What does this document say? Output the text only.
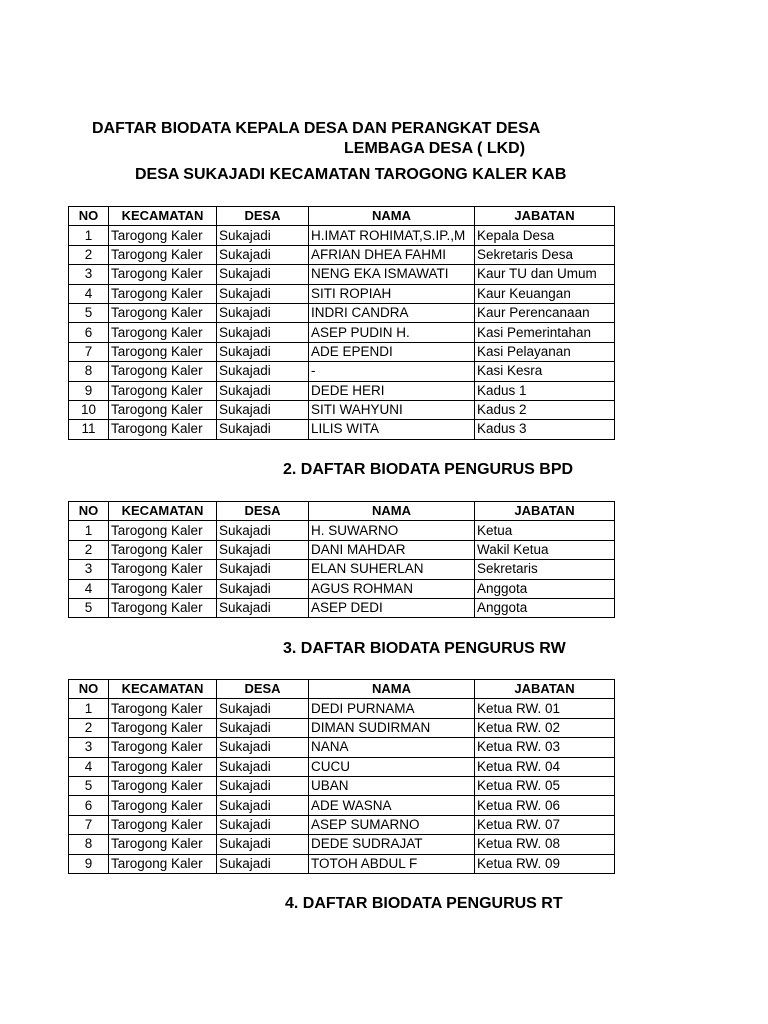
DAFTAR BIODATA KEPALA DESA DAN PERANGKAT DESA
LEMBAGA DESA ( LKD)
DESA SUKAJADI KECAMATAN TAROGONG KALER KAB
NO	KECAMATAN	DESA	NAMA	JABATAN
1	Tarogong Kaler	Sukajadi	H.IMAT ROHIMAT,S.IP.,M	Kepala Desa
2	Tarogong Kaler	Sukajadi	AFRIAN DHEA FAHMI	Sekretaris Desa
3	Tarogong Kaler	Sukajadi	NENG EKA ISMAWATI	Kaur TU dan Umum
4	Tarogong Kaler	Sukajadi	SITI ROPIAH	Kaur Keuangan
5	Tarogong Kaler	Sukajadi	INDRI CANDRA	Kaur Perencanaan
6	Tarogong Kaler	Sukajadi	ASEP PUDIN H.	Kasi Pemerintahan
7	Tarogong Kaler	Sukajadi	ADE EPENDI	Kasi Pelayanan
8	Tarogong Kaler	Sukajadi	-	Kasi Kesra
9	Tarogong Kaler	Sukajadi	DEDE HERI	Kadus 1
10	Tarogong Kaler	Sukajadi	SITI WAHYUNI	Kadus 2
11	Tarogong Kaler	Sukajadi	LILIS WITA	Kadus 3
2. DAFTAR BIODATA PENGURUS BPD
NO	KECAMATAN	DESA	NAMA	JABATAN
1	Tarogong Kaler	Sukajadi	H. SUWARNO	Ketua
2	Tarogong Kaler	Sukajadi	DANI MAHDAR	Wakil Ketua
3	Tarogong Kaler	Sukajadi	ELAN SUHERLAN	Sekretaris
4	Tarogong Kaler	Sukajadi	AGUS ROHMAN	Anggota
5	Tarogong Kaler	Sukajadi	ASEP DEDI	Anggota
3. DAFTAR BIODATA PENGURUS RW
NO	KECAMATAN	DESA	NAMA	JABATAN
1	Tarogong Kaler	Sukajadi	DEDI PURNAMA	Ketua RW. 01
2	Tarogong Kaler	Sukajadi	DIMAN SUDIRMAN	Ketua RW. 02
3	Tarogong Kaler	Sukajadi	NANA	Ketua RW. 03
4	Tarogong Kaler	Sukajadi	CUCU	Ketua RW. 04
5	Tarogong Kaler	Sukajadi	UBAN	Ketua RW. 05
6	Tarogong Kaler	Sukajadi	ADE WASNA	Ketua RW. 06
7	Tarogong Kaler	Sukajadi	ASEP SUMARNO	Ketua RW. 07
8	Tarogong Kaler	Sukajadi	DEDE SUDRAJAT	Ketua RW. 08
9	Tarogong Kaler	Sukajadi	TOTOH ABDUL F	Ketua RW. 09
4. DAFTAR BIODATA PENGURUS RT
